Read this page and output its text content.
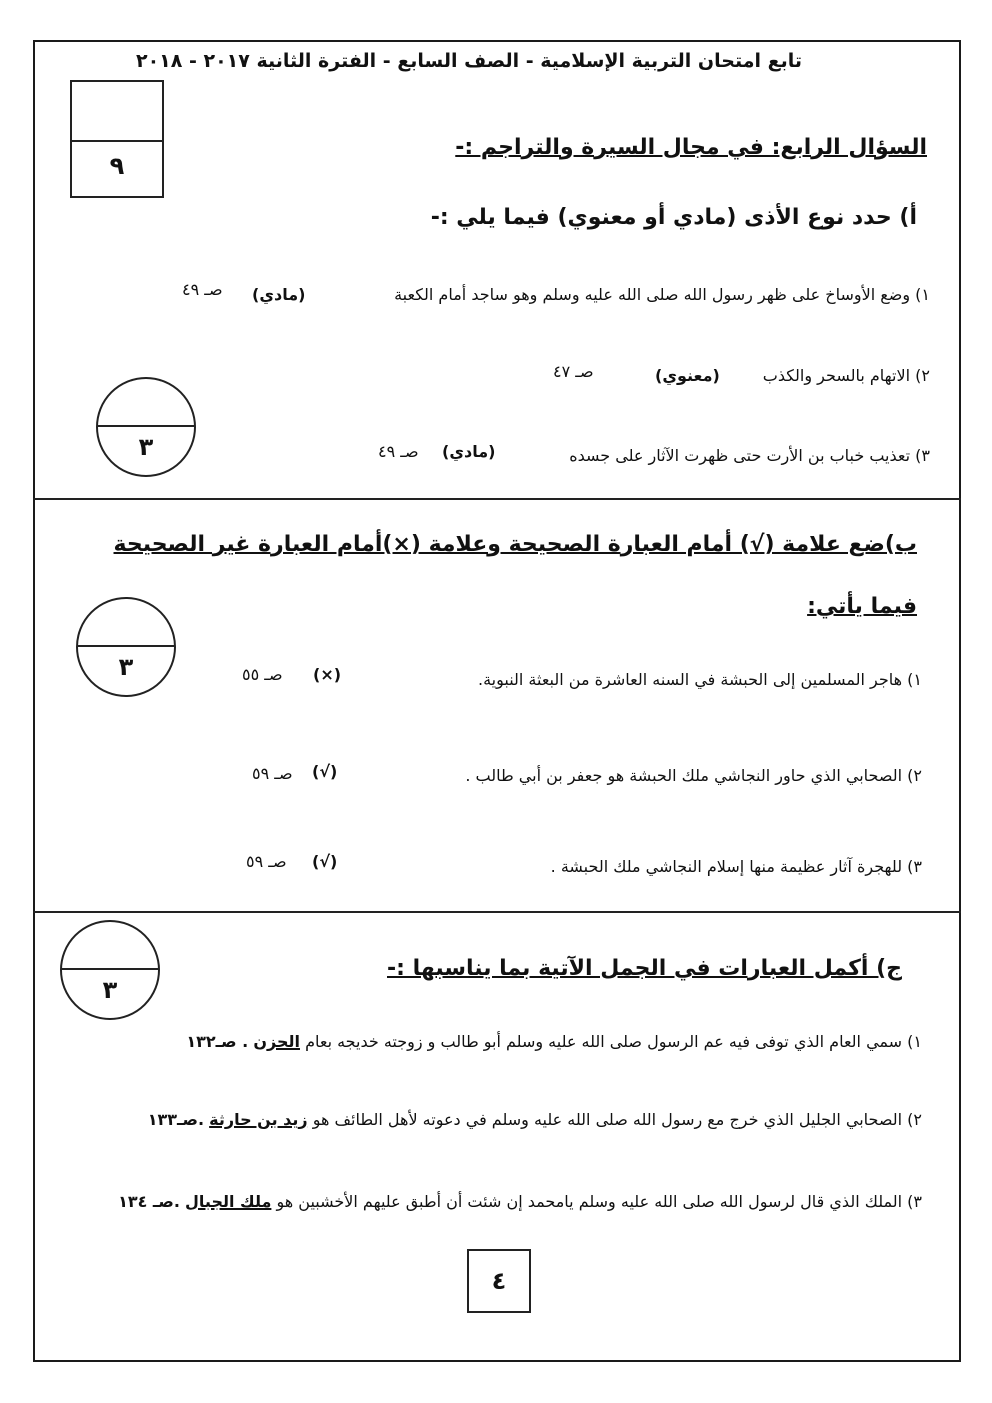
تابع امتحان التربية الإسلامية - الصف السابع - الفترة الثانية ٢٠١٧ - ٢٠١٨
٩
السؤال الرابع: في مجال السيرة والتراجم :-
أ) حدد نوع الأذى (مادي أو معنوي) فيما يلي :-
١) وضع الأوساخ على ظهر رسول الله صلى الله عليه وسلم وهو ساجد أمام الكعبة
(مادي)
صـ ٤٩
٢) الاتهام بالسحر والكذب
(معنوي)
صـ ٤٧
٣	٣) تعذيب خباب بن الأرت حتى ظهرت الآثار على جسده
(مادي)
صـ ٤٩
ب)ضع علامة (√) أمام العبارة الصحيحة وعلامة (×)أمام العبارة غير الصحيحة
فيما يأتي:
٣	١) هاجر المسلمين إلى الحبشة في السنه العاشرة من البعثة النبوية.
(×)
صـ ٥٥
٢) الصحابي الذي حاور النجاشي ملك الحبشة هو جعفر بن أبي طالب .
(√)
صـ ٥٩
٣) للهجرة آثار عظيمة منها إسلام النجاشي ملك الحبشة .
(√)
صـ ٥٩
٣
ج) أكمل العبارات في الجمل الآتية بما يناسبها :-
١) سمي العام الذي توفى فيه عم الرسول صلى الله عليه وسلم أبو طالب و زوجته خديجه بعام الحزن . صـ١٣٢
٢) الصحابي الجليل الذي خرج مع رسول الله صلى الله عليه وسلم في دعوته لأهل الطائف هو زيد بن حارثة .صـ١٣٣
٣) الملك الذي قال لرسول الله صلى الله عليه وسلم يامحمد إن شئت أن أطبق عليهم الأخشبين هو ملك الجبال .صـ ١٣٤
٤
